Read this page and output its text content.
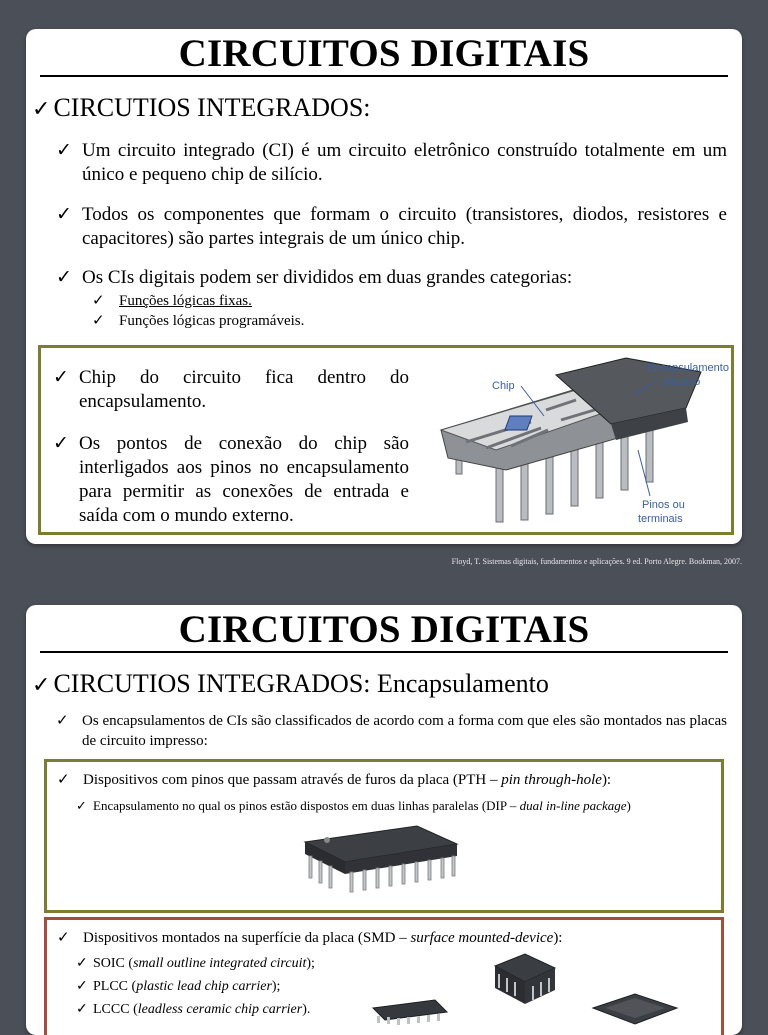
CIRCUITOS DIGITAIS
✓ CIRCUTIOS INTEGRADOS:
✓ Um circuito integrado (CI) é um circuito eletrônico construído totalmente em um único e pequeno chip de silício.
✓ Todos os componentes que formam o circuito (transistores, diodos, resistores e capacitores) são partes integrais de um único chip.
✓ Os CIs digitais podem ser divididos em duas grandes categorias:
✓ Funções lógicas fixas.
✓ Funções lógicas programáveis.
✓ Chip do circuito fica dentro do encapsulamento.
✓ Os pontos de conexão do chip são interligados aos pinos no encapsulamento para permitir as conexões de entrada e saída com o mundo externo.
Chip
Encapsulamento
plástico
Pinos ou
terminais
Floyd, T. Sistemas digitais, fundamentos e aplicações. 9 ed. Porto Alegre. Bookman, 2007.
CIRCUITOS DIGITAIS
✓ CIRCUTIOS INTEGRADOS: Encapsulamento
✓ Os encapsulamentos de CIs são classificados de acordo com a forma com que eles são montados nas placas de circuito impresso:
✓ Dispositivos com pinos que passam através de furos da placa (PTH – pin through-hole):
✓ Encapsulamento no qual os pinos estão dispostos em duas linhas paralelas (DIP – dual in-line package)
✓ Dispositivos montados na superfície da placa (SMD – surface mounted-device):
✓ SOIC (small outline integrated circuit);
✓ PLCC (plastic lead chip carrier);
✓ LCCC (leadless ceramic chip carrier).
